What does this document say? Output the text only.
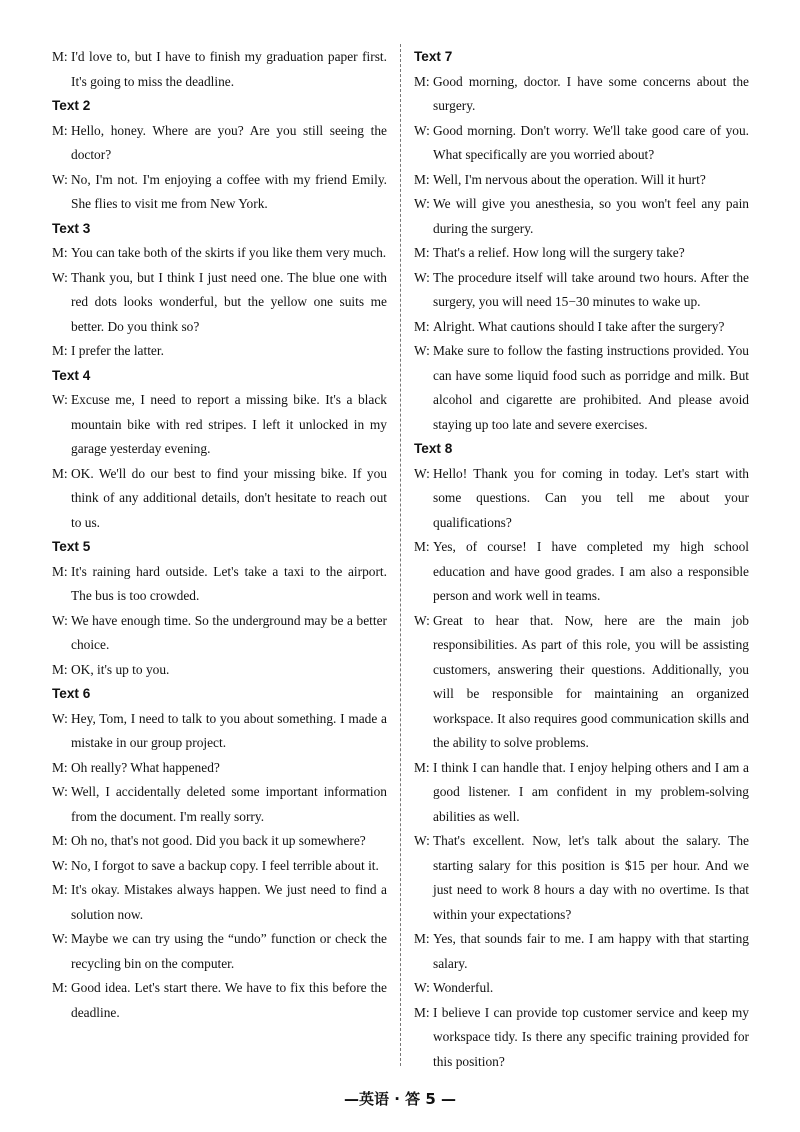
M: I'd love to, but I have to finish my graduation paper first. It's going to miss the deadline.
Text 2
M: Hello, honey. Where are you? Are you still seeing the doctor?
W: No, I'm not. I'm enjoying a coffee with my friend Emily. She flies to visit me from New York.
Text 3
M: You can take both of the skirts if you like them very much.
W: Thank you, but I think I just need one. The blue one with red dots looks wonderful, but the yellow one suits me better. Do you think so?
M: I prefer the latter.
Text 4
W: Excuse me, I need to report a missing bike. It's a black mountain bike with red stripes. I left it unlocked in my garage yesterday evening.
M: OK. We'll do our best to find your missing bike. If you think of any additional details, don't hesitate to reach out to us.
Text 5
M: It's raining hard outside. Let's take a taxi to the airport. The bus is too crowded.
W: We have enough time. So the underground may be a better choice.
M: OK, it's up to you.
Text 6
W: Hey, Tom, I need to talk to you about something. I made a mistake in our group project.
M: Oh really? What happened?
W: Well, I accidentally deleted some important information from the document. I'm really sorry.
M: Oh no, that's not good. Did you back it up somewhere?
W: No, I forgot to save a backup copy. I feel terrible about it.
M: It's okay. Mistakes always happen. We just need to find a solution now.
W: Maybe we can try using the “undo” function or check the recycling bin on the computer.
M: Good idea. Let's start there. We have to fix this before the deadline.
Text 7
M: Good morning, doctor. I have some concerns about the surgery.
W: Good morning. Don't worry. We'll take good care of you. What specifically are you worried about?
M: Well, I'm nervous about the operation. Will it hurt?
W: We will give you anesthesia, so you won't feel any pain during the surgery.
M: That's a relief. How long will the surgery take?
W: The procedure itself will take around two hours. After the surgery, you will need 15−30 minutes to wake up.
M: Alright. What cautions should I take after the surgery?
W: Make sure to follow the fasting instructions provided. You can have some liquid food such as porridge and milk. But alcohol and cigarette are prohibited. And please avoid staying up too late and severe exercises.
Text 8
W: Hello! Thank you for coming in today. Let's start with some questions. Can you tell me about your qualifications?
M: Yes, of course! I have completed my high school education and have good grades. I am also a responsible person and work well in teams.
W: Great to hear that. Now, here are the main job responsibilities. As part of this role, you will be assisting customers, answering their questions. Additionally, you will be responsible for maintaining an organized workspace. It also requires good communication skills and the ability to solve problems.
M: I think I can handle that. I enjoy helping others and I am a good listener. I am confident in my problem-solving abilities as well.
W: That's excellent. Now, let's talk about the salary. The starting salary for this position is $15 per hour. And we just need to work 8 hours a day with no overtime. Is that within your expectations?
M: Yes, that sounds fair to me. I am happy with that starting salary.
W: Wonderful.
M: I believe I can provide top customer service and keep my workspace tidy. Is there any specific training provided for this position?
—英语 · 答 5 —
